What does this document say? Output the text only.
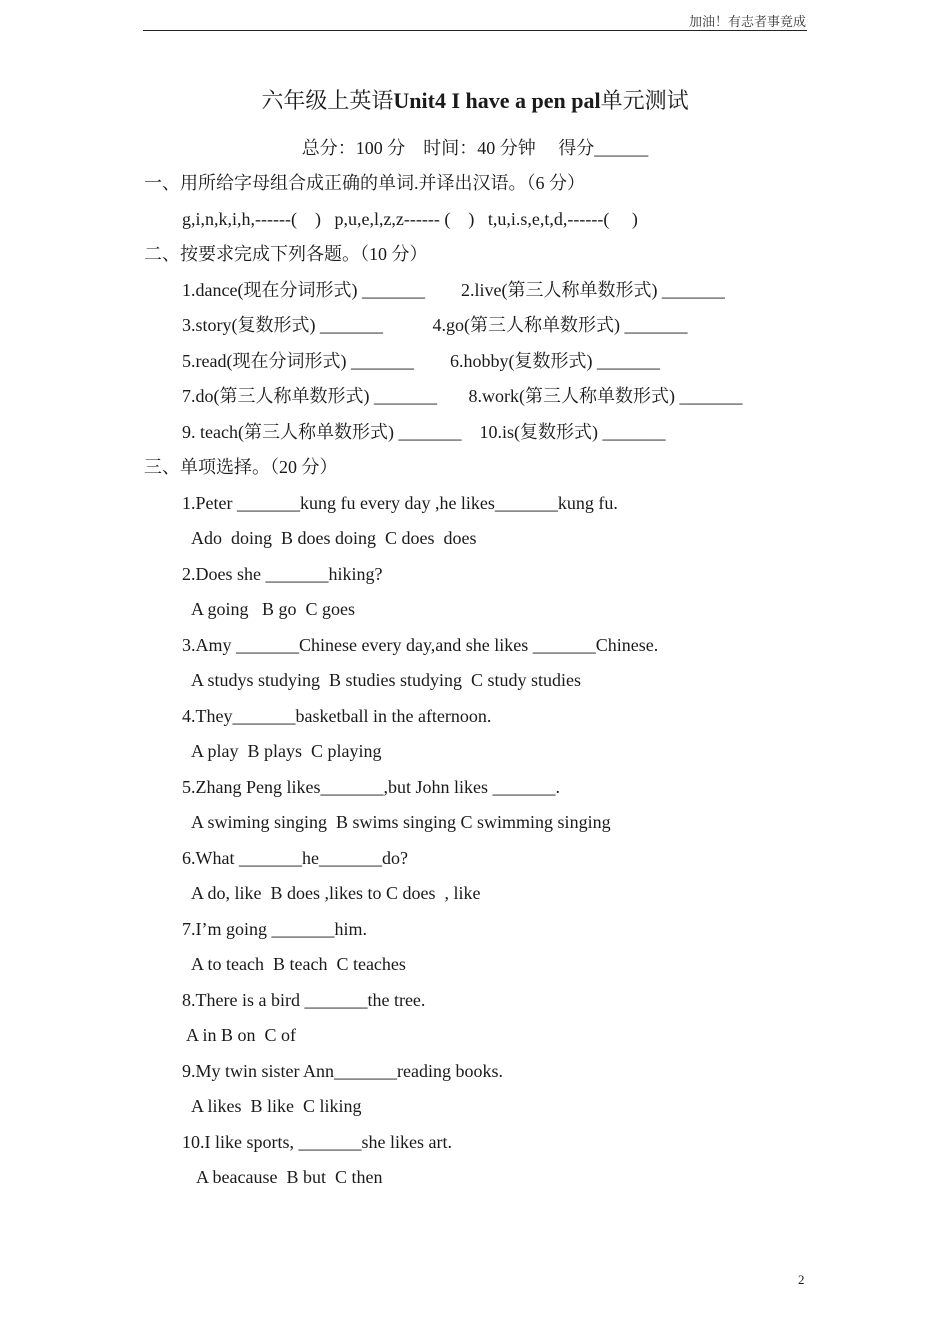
加油！有志者事竟成
六年级上英语Unit4 I have a pen pal单元测试
总分：100 分    时间：40 分钟     得分______
一、用所给字母组合成正确的单词.并译出汉语。（6 分）
g,i,n,k,i,h,------(    )   p,u,e,l,z,z------ (    )   t,u,i.s,e,t,d,------(     )
二、按要求完成下列各题。（10 分）
1.dance(现在分词形式) _______        2.live(第三人称单数形式) _______
3.story(复数形式) _______           4.go(第三人称单数形式) _______
5.read(现在分词形式) _______        6.hobby(复数形式) _______
7.do(第三人称单数形式) _______       8.work(第三人称单数形式) _______
9. teach(第三人称单数形式) _______    10.is(复数形式) _______
三、单项选择。（20 分）
1.Peter _______kung fu every day ,he likes_______kung fu.
Ado  doing  B does doing  C does  does
2.Does she _______hiking?
A going   B go  C goes
3.Amy _______Chinese every day,and she likes _______Chinese.
A studys studying  B studies studying  C study studies
4.They_______basketball in the afternoon.
A play  B plays  C playing
5.Zhang Peng likes_______,but John likes _______.
A swiming singing  B swims singing C swimming singing
6.What _______he_______do?
A do, like  B does ,likes to C does  , like
7.I’m going _______him.
A to teach  B teach  C teaches
8.There is a bird _______the tree.
A in B on  C of
9.My twin sister Ann_______reading books.
A likes  B like  C liking
10.I like sports, _______she likes art.
A beacause  B but  C then
2
